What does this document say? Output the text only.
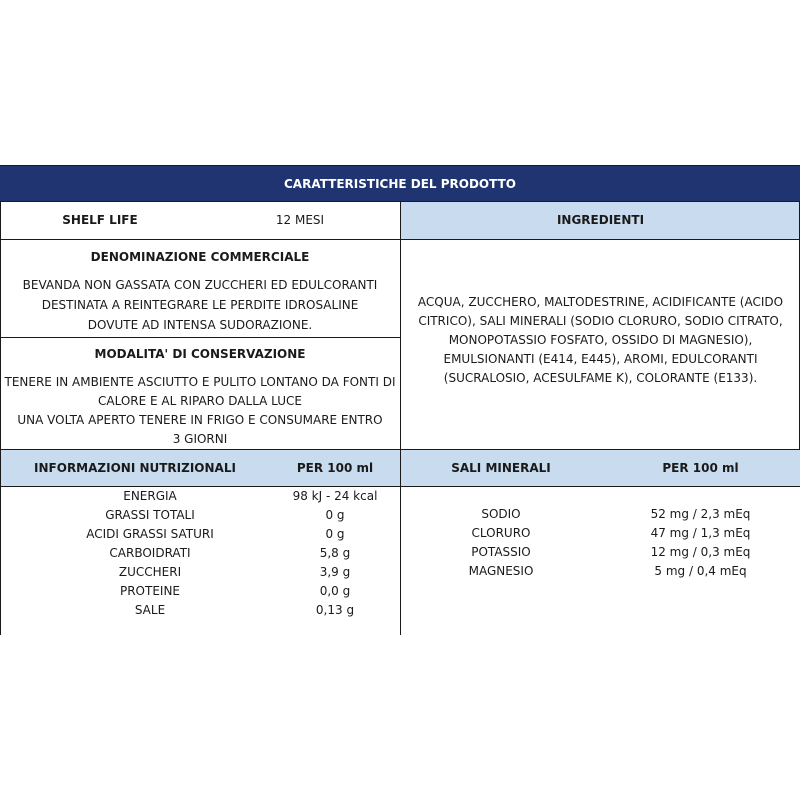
CARATTERISTICHE DEL PRODOTTO
SHELF LIFE	12 MESI	INGREDIENTI
DENOMINAZIONE COMMERCIALE
BEVANDA NON GASSATA CON ZUCCHERI ED EDULCORANTI DESTINATA A REINTEGRARE LE PERDITE IDROSALINE DOVUTE AD INTENSA SUDORAZIONE.
MODALITA' DI CONSERVAZIONE
TENERE IN AMBIENTE ASCIUTTO E PULITO LONTANO DA FONTI DI CALORE E AL RIPARO DALLA LUCE
UNA VOLTA APERTO TENERE IN FRIGO E CONSUMARE ENTRO 3 GIORNI
ACQUA, ZUCCHERO, MALTODESTRINE, ACIDIFICANTE (ACIDO CITRICO), SALI MINERALI (SODIO CLORURO, SODIO CITRATO, MONOPOTASSIO FOSFATO, OSSIDO DI MAGNESIO), EMULSIONANTI (E414, E445), AROMI, EDULCORANTI (SUCRALOSIO, ACESULFAME K), COLORANTE (E133).
INFORMAZIONI NUTRIZIONALI	PER 100 ml	SALI MINERALI	PER 100 ml
ENERGIA	98 kJ - 24 kcal
GRASSI TOTALI	0 g
ACIDI GRASSI SATURI	0 g
CARBOIDRATI	5,8 g
ZUCCHERI	3,9 g
PROTEINE	0,0 g
SALE	0,13 g
SODIO	52 mg / 2,3 mEq
CLORURO	47 mg / 1,3 mEq
POTASSIO	12 mg / 0,3 mEq
MAGNESIO	5 mg / 0,4 mEq
